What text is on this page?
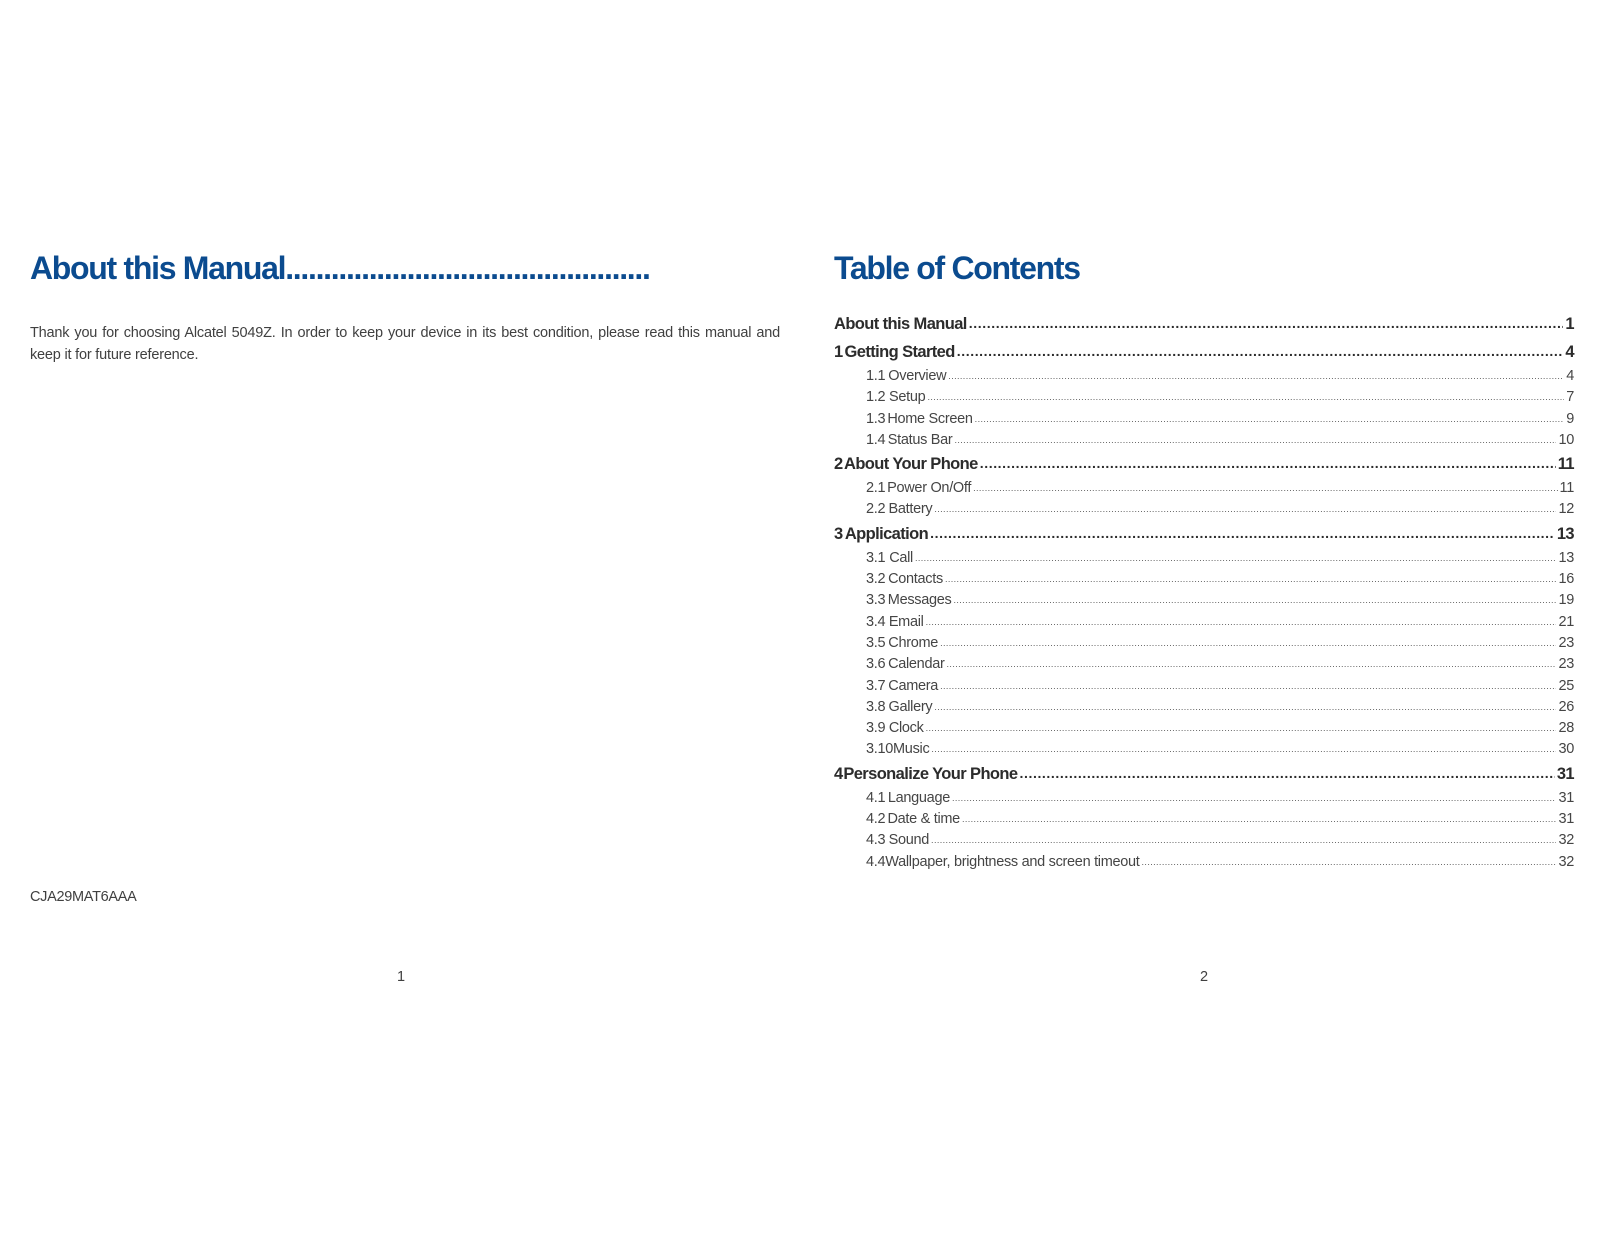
About this Manual................................................

Thank you for choosing Alcatel 5049Z. In order to keep your device in its best condition, please read this manual and keep it for future reference.

CJA29MAT6AAA
1
Table of Contents
About this Manual .....	1
1 Getting Started .....	4
1.1 Overview .....	4
1.2 Setup .....	7
1.3 Home Screen .....	9
1.4 Status Bar .....	10
2 About Your Phone .....	11
2.1 Power On/Off .....	11
2.2 Battery .....	12
3 Application .....	13
3.1 Call .....	13
3.2 Contacts .....	16
3.3 Messages .....	19
3.4 Email .....	21
3.5 Chrome .....	23
3.6 Calendar .....	23
3.7 Camera .....	25
3.8 Gallery .....	26
3.9 Clock .....	28
3.10 Music .....	30
4 Personalize Your Phone .....	31
4.1 Language .....	31
4.2 Date & time .....	31
4.3 Sound .....	32
4.4 Wallpaper, brightness and screen timeout .....	32
2
